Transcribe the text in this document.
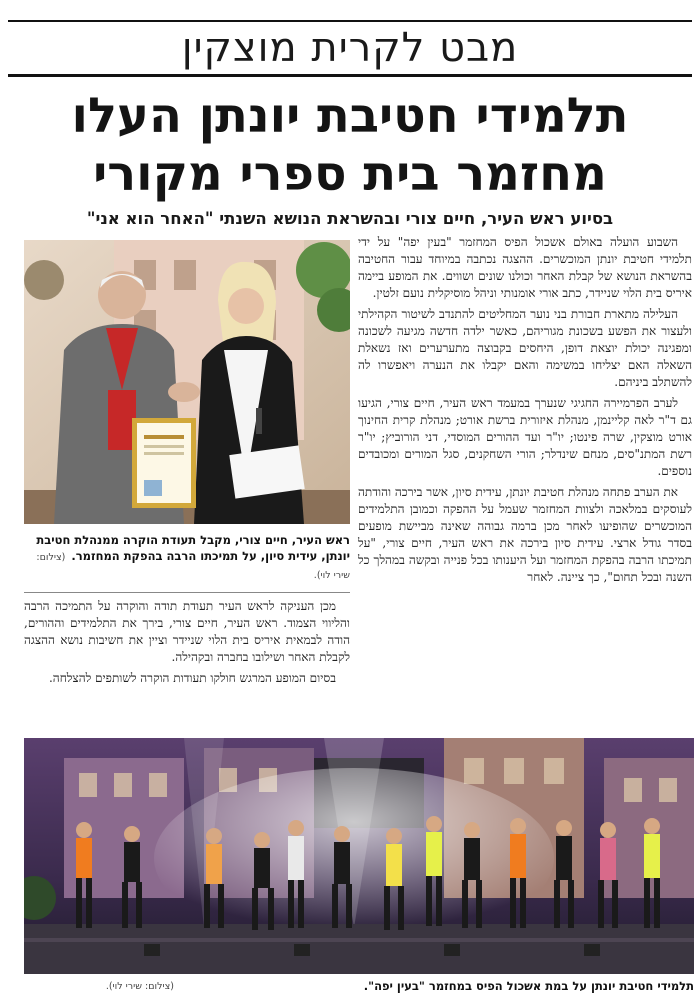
מבט לקרית מוצקין
תלמידי חטיבת יונתן העלו
מחזמר בית ספרי מקורי
בסיוע ראש העיר, חיים צורי ובהשראת הנושא השנתי "האחר הוא אני"

השבוע הועלה באולם אשכול הפיס המחזמר "בעין יפה" על ידי תלמידי חטיבת יונתן המוכשרים. ההצגה נכתבה במיוחד עבור החטיבה בהשראת הנושא של קבלת האחר וכולנו שונים ושווים. את המופע ביימה איריס בית הלוי שניידר, כתב אורי אומנותי וניהל מוסיקלית נועם זלטין.

העלילה מתארת חבורת בני נוער המחליטים להתנדב לשיטור הקהילתי ולעצור את הפשע בשכונת מגוריהם, כאשר ילדה חדשה מגיעה לשכונה ומפגינה יכולת יוצאת דופן, היחסים בקבוצה מתערערים ואז נשאלת השאלה האם יצליחו במשימה והאם יקבלו את הנערה ויאפשרו לה להשתלב ביניהם.

לערב הפרמיירה החגיגי שנערך במעמד ראש העיר, חיים צורי, הגיעו גם ד"ר לאה קליינמן, מנהלת איזורית ברשת אורט; מנהלת קרית החינוך אורט מוצקין, שרה פינטו; יו"ר ועד ההורים המוסדי, דני הורוביץ; יו"ר רשת המתנ"סים, מנחם שינדלר; הורי השחקנים, סגל המורים ומכובדים נוספים.

את הערב פתחה מנהלת חטיבת יונתן, עידית סיון, אשר בירכה והודתה לעוסקים במלאכה ולצוות המחזמר שעמל על ההפקה וכמובן התלמידים המוכשרים שהופיעו לאחר מכן ברמה גבוהה שאינה מביישת מופעים בסדר גודל ארצי. עידית סיון בירכה את ראש העיר, חיים צורי, "על תמיכתו הרבה בהפקת המחזמר ועל היענותו בכל פנייה ובקשה במהלך כל השנה ובכל תחום", כך ציינה. לאחר

ראש העיר, חיים צורי, מקבל תעודת הוקרה ממנהלת חטיבת יונתן, עידית סיון, על תמיכתו הרבה בהפקת המחזמר.(צילום: שירי לוי).

מכן העניקה לראש העיר תעודת תודה והוקרה על התמיכה הרבה והליווי הצמוד. ראש העיר, חיים צורי, בירך את התלמידים וההורים, הודה לבמאית איריס בית הלוי שניידר וציין את חשיבות נושא ההצגה לקבלת האחר ושילובו בחברה ובקהילה.

בסיום המופע המרגש חולקו תעודות הוקרה לשותפים להצלחה.

תלמידי חטיבת יונתן על במת אשכול הפיס במחזמר "בעין יפה".
(צילום: שירי לוי).
